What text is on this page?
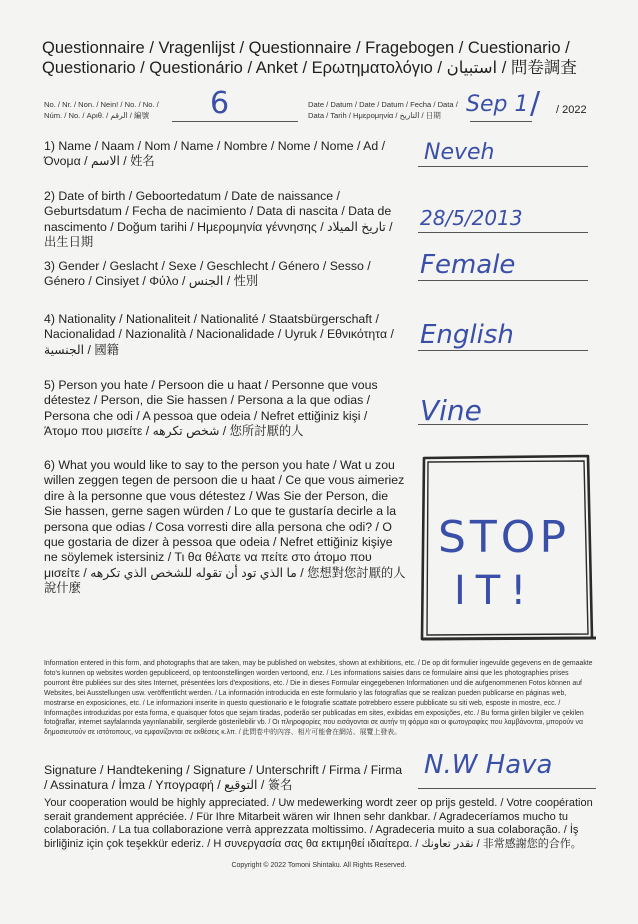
Questionnaire / Vragenlijst / Questionnaire / Fragebogen / Cuestionario / Questionario / Questionário / Anket / Ερωτηματολόγιο / استبيان / 問卷調査
No. / Nr. / Non. / Nein! / No. / No. /
Núm. / No. / Αριθ. / الرقم / 編號	6	Date / Datum / Date / Datum / Fecha / Data /
Data / Tarih / Ημερομηνία / التاريخ / 日期	Sep 1 / / 2022
1) Name / Naam / Nom / Name / Nombre / Nome / Nome / Ad / Όνομα / الاسم / 姓名	Neveh
2) Date of birth / Geboortedatum / Date de naissance / Geburtsdatum / Fecha de nacimiento / Data di nascita / Data de nascimento / Doğum tarihi / Ημερομηνία γέννησης / تاريخ الميلاد / 出生日期
28/5/2013
3) Gender / Geslacht / Sexe / Geschlecht / Género / Sesso / Género / Cinsiyet / Φύλο / الجنس / 性別
Female
4) Nationality / Nationaliteit / Nationalité / Staatsbürgerschaft / Nacionalidad / Nazionalità / Nacionalidade / Uyruk / Εθνικότητα / الجنسية / 國籍	English
5) Person you hate / Persoon die u haat / Personne que vous détestez / Person, die Sie hassen / Persona a la que odias / Persona che odi / A pessoa que odeia / Nefret ettiğiniz kişi / Άτομο που μισείτε / شخص تكرهه / 您所討厭的人
Vine
6) What you would like to say to the person you hate / Wat u zou willen zeggen tegen de persoon die u haat / Ce que vous aimeriez dire à la personne que vous détestez / Was Sie der Person, die Sie hassen, gerne sagen würden / Lo que te gustaría decirle a la persona que odias / Cosa vorresti dire alla persona che odi? / O que gostaria de dizer à pessoa que odeia / Nefret ettiğiniz kişiye ne söylemek istersiniz / Τι θα θέλατε να πείτε στο άτομο που μισείτε / ما الذي تود أن تقوله للشخص الذي تكرهه / 您想對您討厭的人說什麼
STOP
IT!
Information entered in this form, and photographs that are taken, may be published on websites, shown at exhibitions, etc. / De op dit formulier ingevulde gegevens en de gemaakte foto's kunnen op websites worden gepubliceerd, op tentoonstellingen worden vertoond, enz. / Les informations saisies dans ce formulaire ainsi que les photographies prises pourront être publiées sur des sites Internet, présentées lors d'expositions, etc. / Die in dieses Formular eingegebenen Informationen und die aufgenommenen Fotos können auf Websites, bei Ausstellungen usw. veröffentlicht werden. / La información introducida en este formulario y las fotografías que se realizan pueden publicarse en páginas web, mostrarse en exposiciones, etc. / Le informazioni inserite in questo questionario e le fotografie scattate potrebbero essere pubblicate su siti web, esposte in mostre, ecc. / Informações introduzidas por esta forma, e quaisquer fotos que sejam tiradas, poderão ser publicadas em sites, exibidas em exposições, etc. / Bu forma girilen bilgiler ve çekilen fotoğraflar, internet sayfalarında yayınlanabilir, sergilerde gösterilebilir vb. / Οι πληροφορίες που εισάγονται σε αυτήν τη φόρμα και οι φωτογραφίες που λαμβάνονται, μπορούν να δημοσιευτούν σε ιστότοπους, να εμφανίζονται σε εκθέσεις κ.λπ. / 此問卷中的內容、相片可能會在網站、展覽上發表。
Signature / Handtekening / Signature / Unterschrift / Firma / Firma / Assinatura / İmza / Υπογραφή / التوقيع / 簽名
N.W Hava
Your cooperation would be highly appreciated. / Uw medewerking wordt zeer op prijs gesteld. / Votre coopération serait grandement appréciée. / Für Ihre Mitarbeit wären wir Ihnen sehr dankbar. / Agradeceríamos mucho tu colaboración. / La tua collaborazione verrà apprezzata moltissimo. / Agradeceria muito a sua colaboração. / İş birliğiniz için çok teşekkür ederiz. / Η συνεργασία σας θα εκτιμηθεί ιδιαίτερα. / نقدر تعاونك / 非常感謝您的合作。
Copyright © 2022 Tomoni Shintaku. All Rights Reserved.
